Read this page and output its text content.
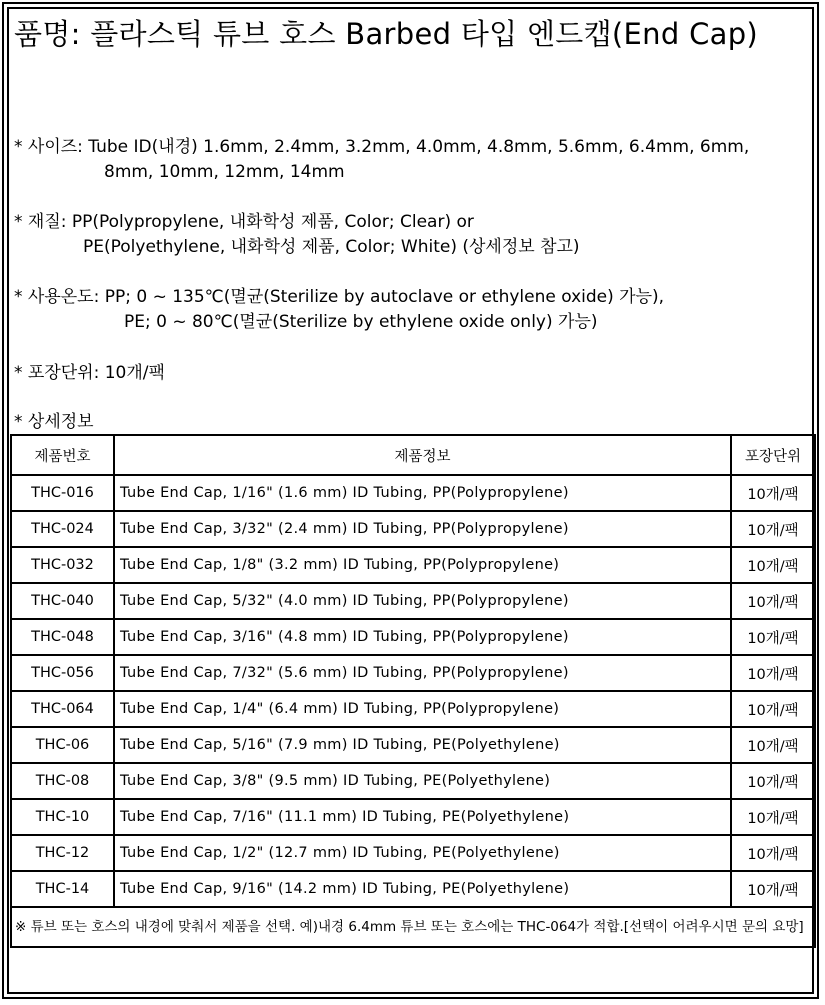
품명: 플라스틱 튜브 호스 Barbed 타입 엔드캡(End Cap)
* 사이즈: Tube ID(내경) 1.6mm, 2.4mm, 3.2mm, 4.0mm, 4.8mm, 5.6mm, 6.4mm, 6mm,
8mm, 10mm, 12mm, 14mm
* 재질: PP(Polypropylene, 내화학성 제품, Color; Clear) or
PE(Polyethylene, 내화학성 제품, Color; White) (상세정보 참고)
* 사용온도: PP; 0 ~ 135℃(멸균(Sterilize by autoclave or ethylene oxide) 가능),
PE; 0 ~ 80℃(멸균(Sterilize by ethylene oxide only) 가능)
* 포장단위: 10개/팩
* 상세정보
제품번호	제품정보	포장단위
THC-016	Tube End Cap, 1/16" (1.6 mm) ID Tubing, PP(Polypropylene)	10개/팩
THC-024	Tube End Cap, 3/32" (2.4 mm) ID Tubing, PP(Polypropylene)	10개/팩
THC-032	Tube End Cap, 1/8" (3.2 mm) ID Tubing, PP(Polypropylene)	10개/팩
THC-040	Tube End Cap, 5/32" (4.0 mm) ID Tubing, PP(Polypropylene)	10개/팩
THC-048	Tube End Cap, 3/16" (4.8 mm) ID Tubing, PP(Polypropylene)	10개/팩
THC-056	Tube End Cap, 7/32" (5.6 mm) ID Tubing, PP(Polypropylene)	10개/팩
THC-064	Tube End Cap, 1/4" (6.4 mm) ID Tubing, PP(Polypropylene)	10개/팩
THC-06	Tube End Cap, 5/16" (7.9 mm) ID Tubing, PE(Polyethylene)	10개/팩
THC-08	Tube End Cap, 3/8" (9.5 mm) ID Tubing, PE(Polyethylene)	10개/팩
THC-10	Tube End Cap, 7/16" (11.1 mm) ID Tubing, PE(Polyethylene)	10개/팩
THC-12	Tube End Cap, 1/2" (12.7 mm) ID Tubing, PE(Polyethylene)	10개/팩
THC-14	Tube End Cap, 9/16" (14.2 mm) ID Tubing, PE(Polyethylene)	10개/팩
※ 튜브 또는 호스의 내경에 맞춰서 제품을 선택. 예)내경 6.4mm 튜브 또는 호스에는 THC-064가 적합.[선택이 어려우시면 문의 요망]		
